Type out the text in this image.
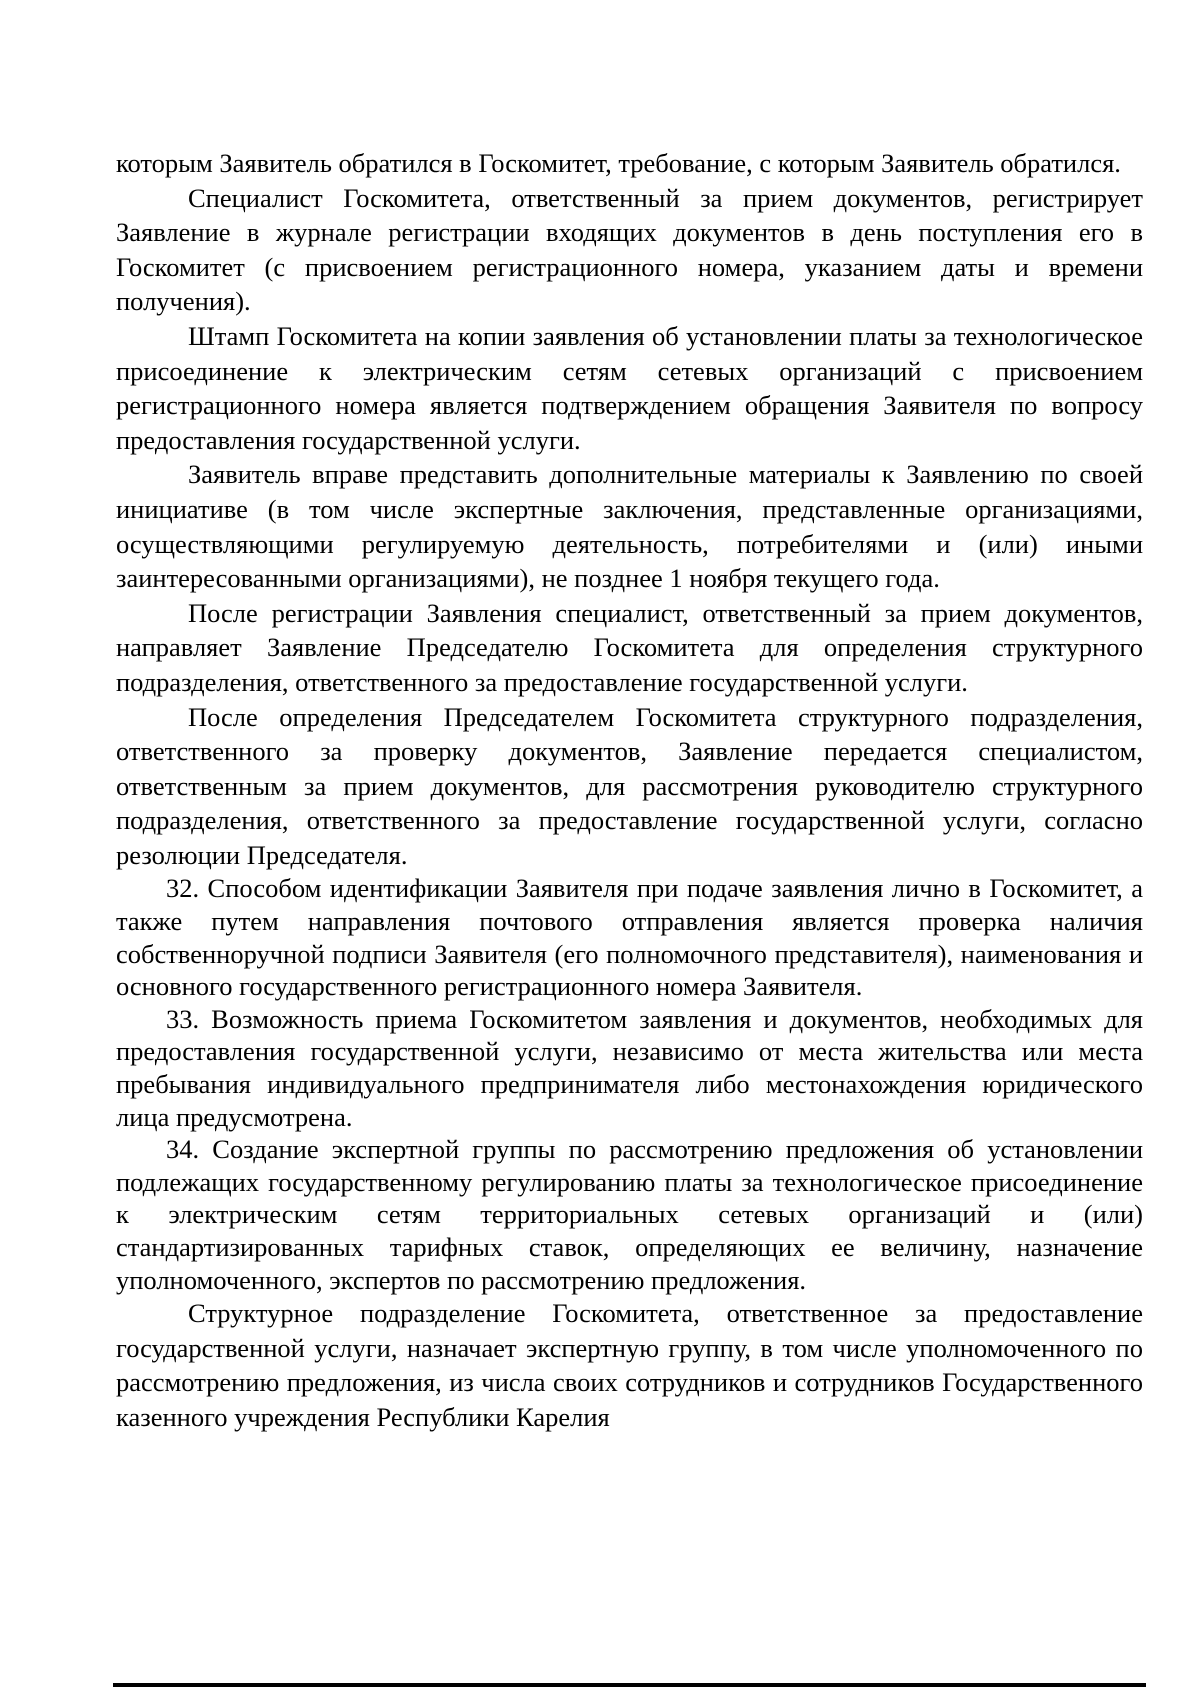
которым Заявитель обратился в Госкомитет, требование, с которым Заявитель обратился.

Специалист Госкомитета, ответственный за прием документов, регистрирует Заявление в журнале регистрации входящих документов в день поступления его в Госкомитет (с присвоением регистрационного номера, указанием даты и времени получения).

Штамп Госкомитета на копии заявления об установлении платы за технологическое присоединение к электрическим сетям сетевых организаций с присвоением регистрационного номера является подтверждением обращения Заявителя по вопросу предоставления государственной услуги.

Заявитель вправе представить дополнительные материалы к Заявлению по своей инициативе (в том числе экспертные заключения, представленные организациями, осуществляющими регулируемую деятельность, потребителями и (или) иными заинтересованными организациями), не позднее 1 ноября текущего года.

После регистрации Заявления специалист, ответственный за прием документов, направляет Заявление Председателю Госкомитета для определения структурного подразделения, ответственного за предоставление государственной услуги.

После определения Председателем Госкомитета структурного подразделения, ответственного за проверку документов, Заявление передается специалистом, ответственным за прием документов, для рассмотрения руководителю структурного подразделения, ответственного за предоставление государственной услуги, согласно резолюции Председателя.

32. Способом идентификации Заявителя при подаче заявления лично в Госкомитет, а также путем направления почтового отправления является проверка наличия собственноручной подписи Заявителя (его полномочного представителя), наименования и основного государственного регистрационного номера Заявителя.

33. Возможность приема Госкомитетом заявления и документов, необходимых для предоставления государственной услуги, независимо от места жительства или места пребывания индивидуального предпринимателя либо местонахождения юридического лица предусмотрена.

34. Создание экспертной группы по рассмотрению предложения об установлении подлежащих государственному регулированию платы за технологическое присоединение к электрическим сетям территориальных сетевых организаций и (или) стандартизированных тарифных ставок, определяющих ее величину, назначение уполномоченного, экспертов по рассмотрению предложения.

Структурное подразделение Госкомитета, ответственное за предоставление государственной услуги, назначает экспертную группу, в том числе уполномоченного по рассмотрению предложения, из числа своих сотрудников и сотрудников Государственного казенного учреждения Республики Карелия
